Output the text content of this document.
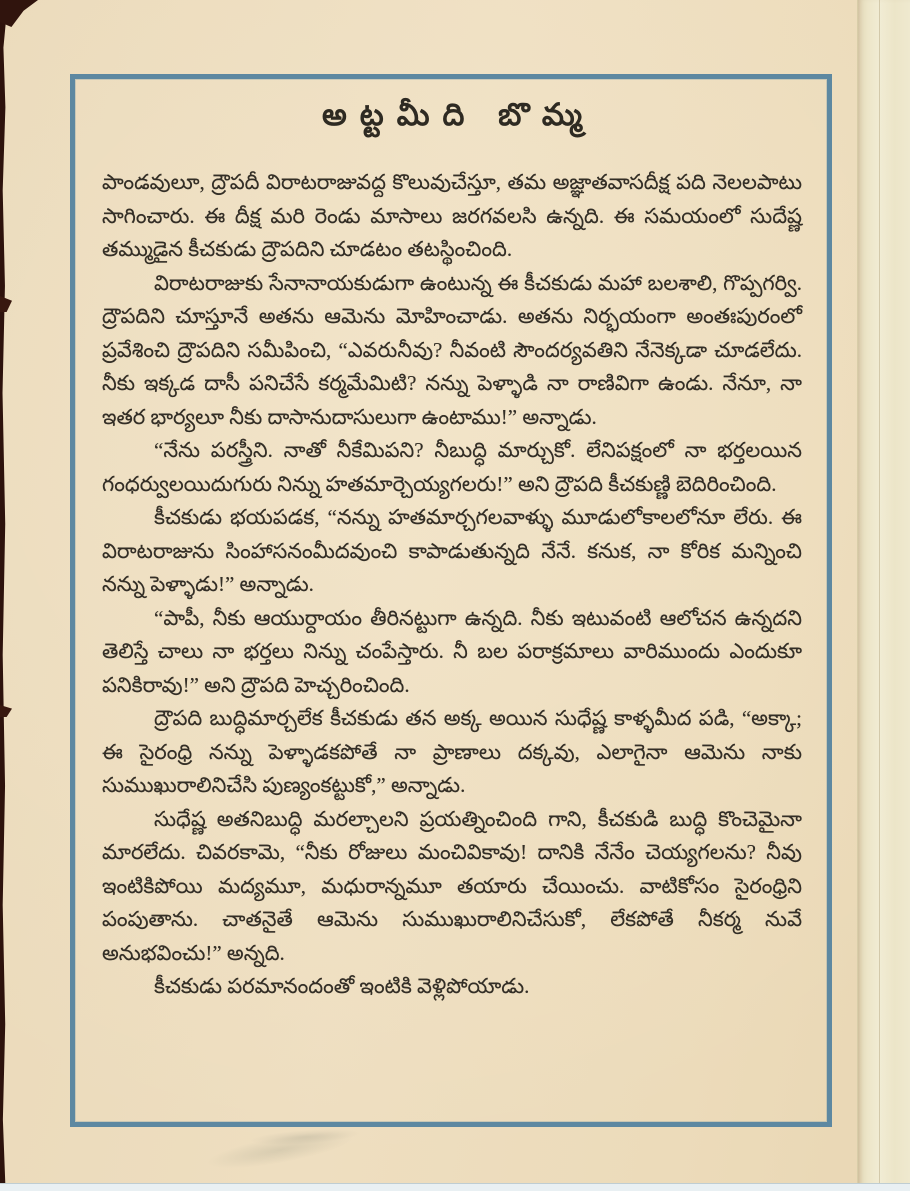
అట్టమీది బొమ్మ

పాండవులూ, ద్రౌపదీ విరాటరాజువద్ద కొలువుచేస్తూ, తమ అజ్ఞాతవాసదీక్ష పది నెలలపాటు సాగించారు. ఈ దీక్ష మరి రెండు మాసాలు జరగవలసి ఉన్నది. ఈ సమయంలో సుదేష్ణ తమ్ముడైన కీచకుడు ద్రౌపదిని చూడటం తటస్థించింది.

విరాటరాజుకు సేనానాయకుడుగా ఉంటున్న ఈ కీచకుడు మహా బలశాలి, గొప్పగర్వి. ద్రౌపదిని చూస్తూనే అతను ఆమెను మోహించాడు. అతను నిర్భయంగా అంతఃపురంలో ప్రవేశించి ద్రౌపదిని సమీపించి, “ఎవరునీవు? నీవంటి సౌందర్యవతిని నేనెక్కడా చూడలేదు. నీకు ఇక్కడ దాసీ పనిచేసే కర్మమేమిటి? నన్ను పెళ్ళాడి నా రాణివిగా ఉండు. నేనూ, నా ఇతర భార్యలూ నీకు దాసానుదాసులుగా ఉంటాము!” అన్నాడు.

“నేను పరస్త్రీని. నాతో నీకేమిపని? నీబుద్ధి మార్చుకో. లేనిపక్షంలో నా భర్తలయిన గంధర్వులయిదుగురు నిన్ను హతమార్చెయ్యగలరు!” అని ద్రౌపది కీచకుణ్ణి బెదిరించింది.

కీచకుడు భయపడక, “నన్ను హతమార్చగలవాళ్ళు మూడులోకాలలోనూ లేరు. ఈ విరాటరాజును సింహాసనంమీదవుంచి కాపాడుతున్నది నేనే. కనుక, నా కోరిక మన్నించి నన్ను పెళ్ళాడు!” అన్నాడు.

“పాపీ, నీకు ఆయుర్దాయం తీరినట్టుగా ఉన్నది. నీకు ఇటువంటి ఆలోచన ఉన్నదని తెలిస్తే చాలు నా భర్తలు నిన్ను చంపేస్తారు. నీ బల పరాక్రమాలు వారిముందు ఎందుకూ పనికిరావు!” అని ద్రౌపది హెచ్చరించింది.

ద్రౌపది బుద్ధిమార్చలేక కీచకుడు తన అక్క అయిన సుధేష్ణ కాళ్ళమీద పడి, “అక్కా; ఈ సైరంధ్రి నన్ను పెళ్ళాడకపోతే నా ప్రాణాలు దక్కవు, ఎలాగైనా ఆమెను నాకు సుముఖురాలినిచేసి పుణ్యంకట్టుకో,” అన్నాడు.

సుధేష్ణ అతనిబుద్ధి మరల్చాలని ప్రయత్నించింది గాని, కీచకుడి బుద్ధి కొంచెమైనా మారలేదు. చివరకామె, “నీకు రోజులు మంచివికావు! దానికి నేనేం చెయ్యగలను? నీవు ఇంటికిపోయి మద్యమూ, మధురాన్నమూ తయారు చేయించు. వాటికోసం సైరంధ్రిని పంపుతాను. చాతనైతే ఆమెను సుముఖురాలినిచేసుకో, లేకపోతే నీకర్మ నువే అనుభవించు!” అన్నది.

కీచకుడు పరమానందంతో ఇంటికి వెళ్లిపోయాడు.
